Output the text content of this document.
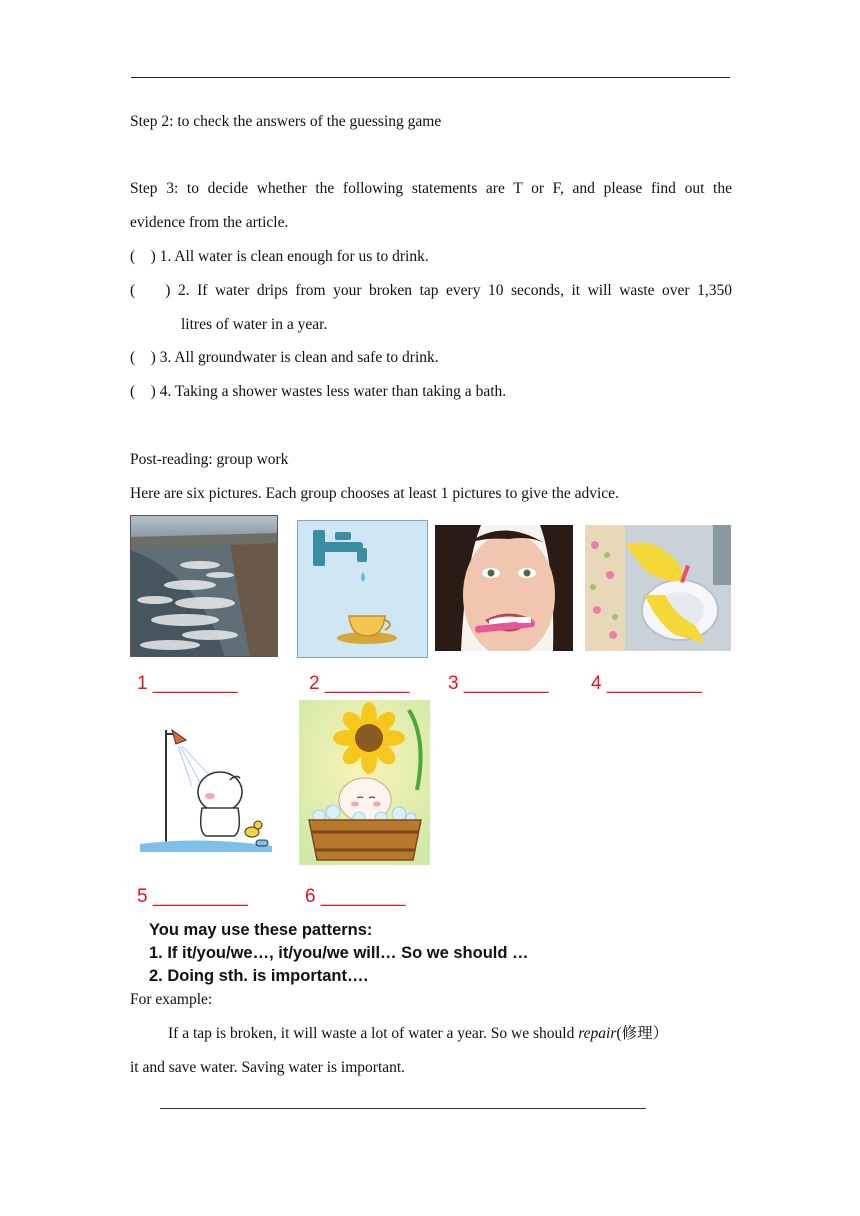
Step 2: to check the answers of the guessing game
Step 3: to decide whether the following statements are T or F, and please find out the
evidence from the article.
(    ) 1. All water is clean enough for us to drink.
(    ) 2. If water drips from your broken tap every 10 seconds, it will waste over 1,350
litres of water in a year.
(    ) 3. All groundwater is clean and safe to drink.
(    ) 4. Taking a shower wastes less water than taking a bath.
Post-reading: group work
Here are six pictures. Each group chooses at least 1 pictures to give the advice.
1 ________	2 ________ 3 ________ 4 _________
5 _________	6 ________
You may use these patterns:
1. If it/you/we…, it/you/we will… So we should …
2. Doing sth. is important….
For example:
If a tap is broken, it will waste a lot of water a year. So we should repair(修理）
it and save water. Saving water is important.
